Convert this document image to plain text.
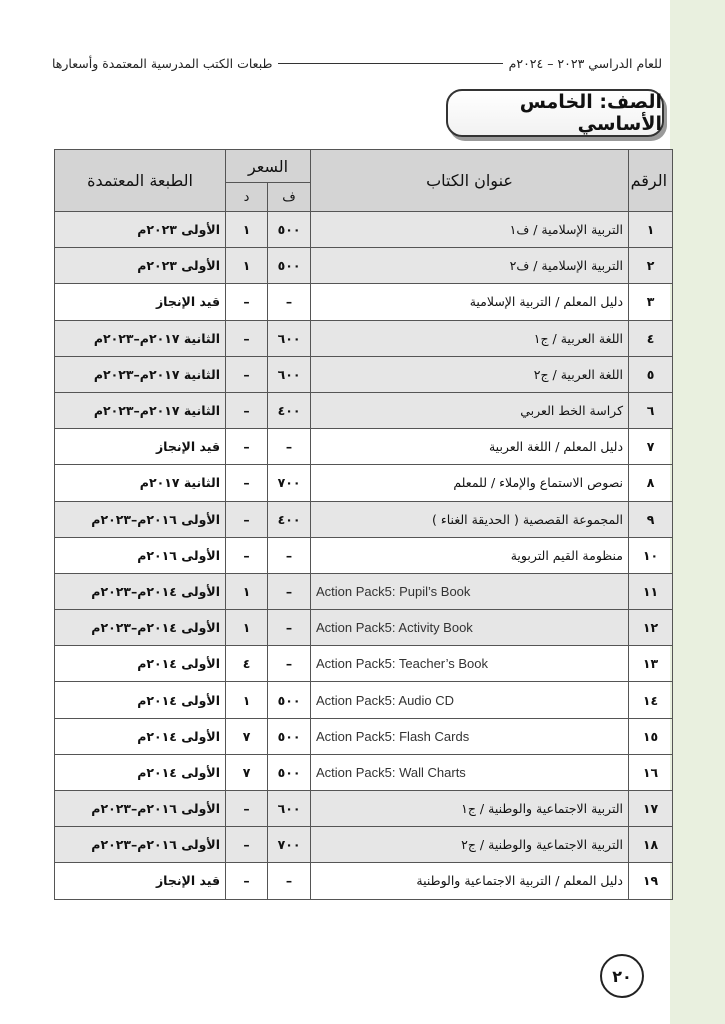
طبعات الكتب المدرسية المعتمدة وأسعارها	للعام الدراسي ٢٠٢٣ – ٢٠٢٤م
الصف: الخامس الأساسي
الرقم	عنوان الكتاب	السعر		الطبعة المعتمدة
		ف	د	
١	التربية الإسلامية / ف١	٥٠٠	١	الأولى ٢٠٢٣م
٢	التربية الإسلامية / ف٢	٥٠٠	١	الأولى ٢٠٢٣م
٣	دليل المعلم / التربية الإسلامية	–	–	قيد الإنجاز
٤	اللغة العربية / ج١	٦٠٠	–	الثانية ٢٠١٧م–٢٠٢٣م
٥	اللغة العربية / ج٢	٦٠٠	–	الثانية ٢٠١٧م–٢٠٢٣م
٦	كراسة الخط العربي	٤٠٠	–	الثانية ٢٠١٧م–٢٠٢٣م
٧	دليل المعلم / اللغة العربية	–	–	قيد الإنجاز
٨	نصوص الاستماع والإملاء / للمعلم	٧٠٠	–	الثانية ٢٠١٧م
٩	المجموعة القصصية ( الحديقة الغناء )	٤٠٠	–	الأولى ٢٠١٦م–٢٠٢٣م
١٠	منظومة القيم التربوية	–	–	الأولى ٢٠١٦م
١١	Action Pack5: Pupil’s Book	–	١	الأولى ٢٠١٤م–٢٠٢٣م
١٢	Action Pack5: Activity Book	–	١	الأولى ٢٠١٤م–٢٠٢٣م
١٣	Action Pack5: Teacher’s Book	–	٤	الأولى ٢٠١٤م
١٤	Action Pack5: Audio CD	٥٠٠	١	الأولى ٢٠١٤م
١٥	Action Pack5: Flash Cards	٥٠٠	٧	الأولى ٢٠١٤م
١٦	Action Pack5: Wall Charts	٥٠٠	٧	الأولى ٢٠١٤م
١٧	التربية الاجتماعية والوطنية / ج١	٦٠٠	–	الأولى ٢٠١٦م–٢٠٢٣م
١٨	التربية الاجتماعية والوطنية / ج٢	٧٠٠	–	الأولى ٢٠١٦م–٢٠٢٣م
١٩	دليل المعلم / التربية الاجتماعية والوطنية	–	–	قيد الإنجاز
٢٠
